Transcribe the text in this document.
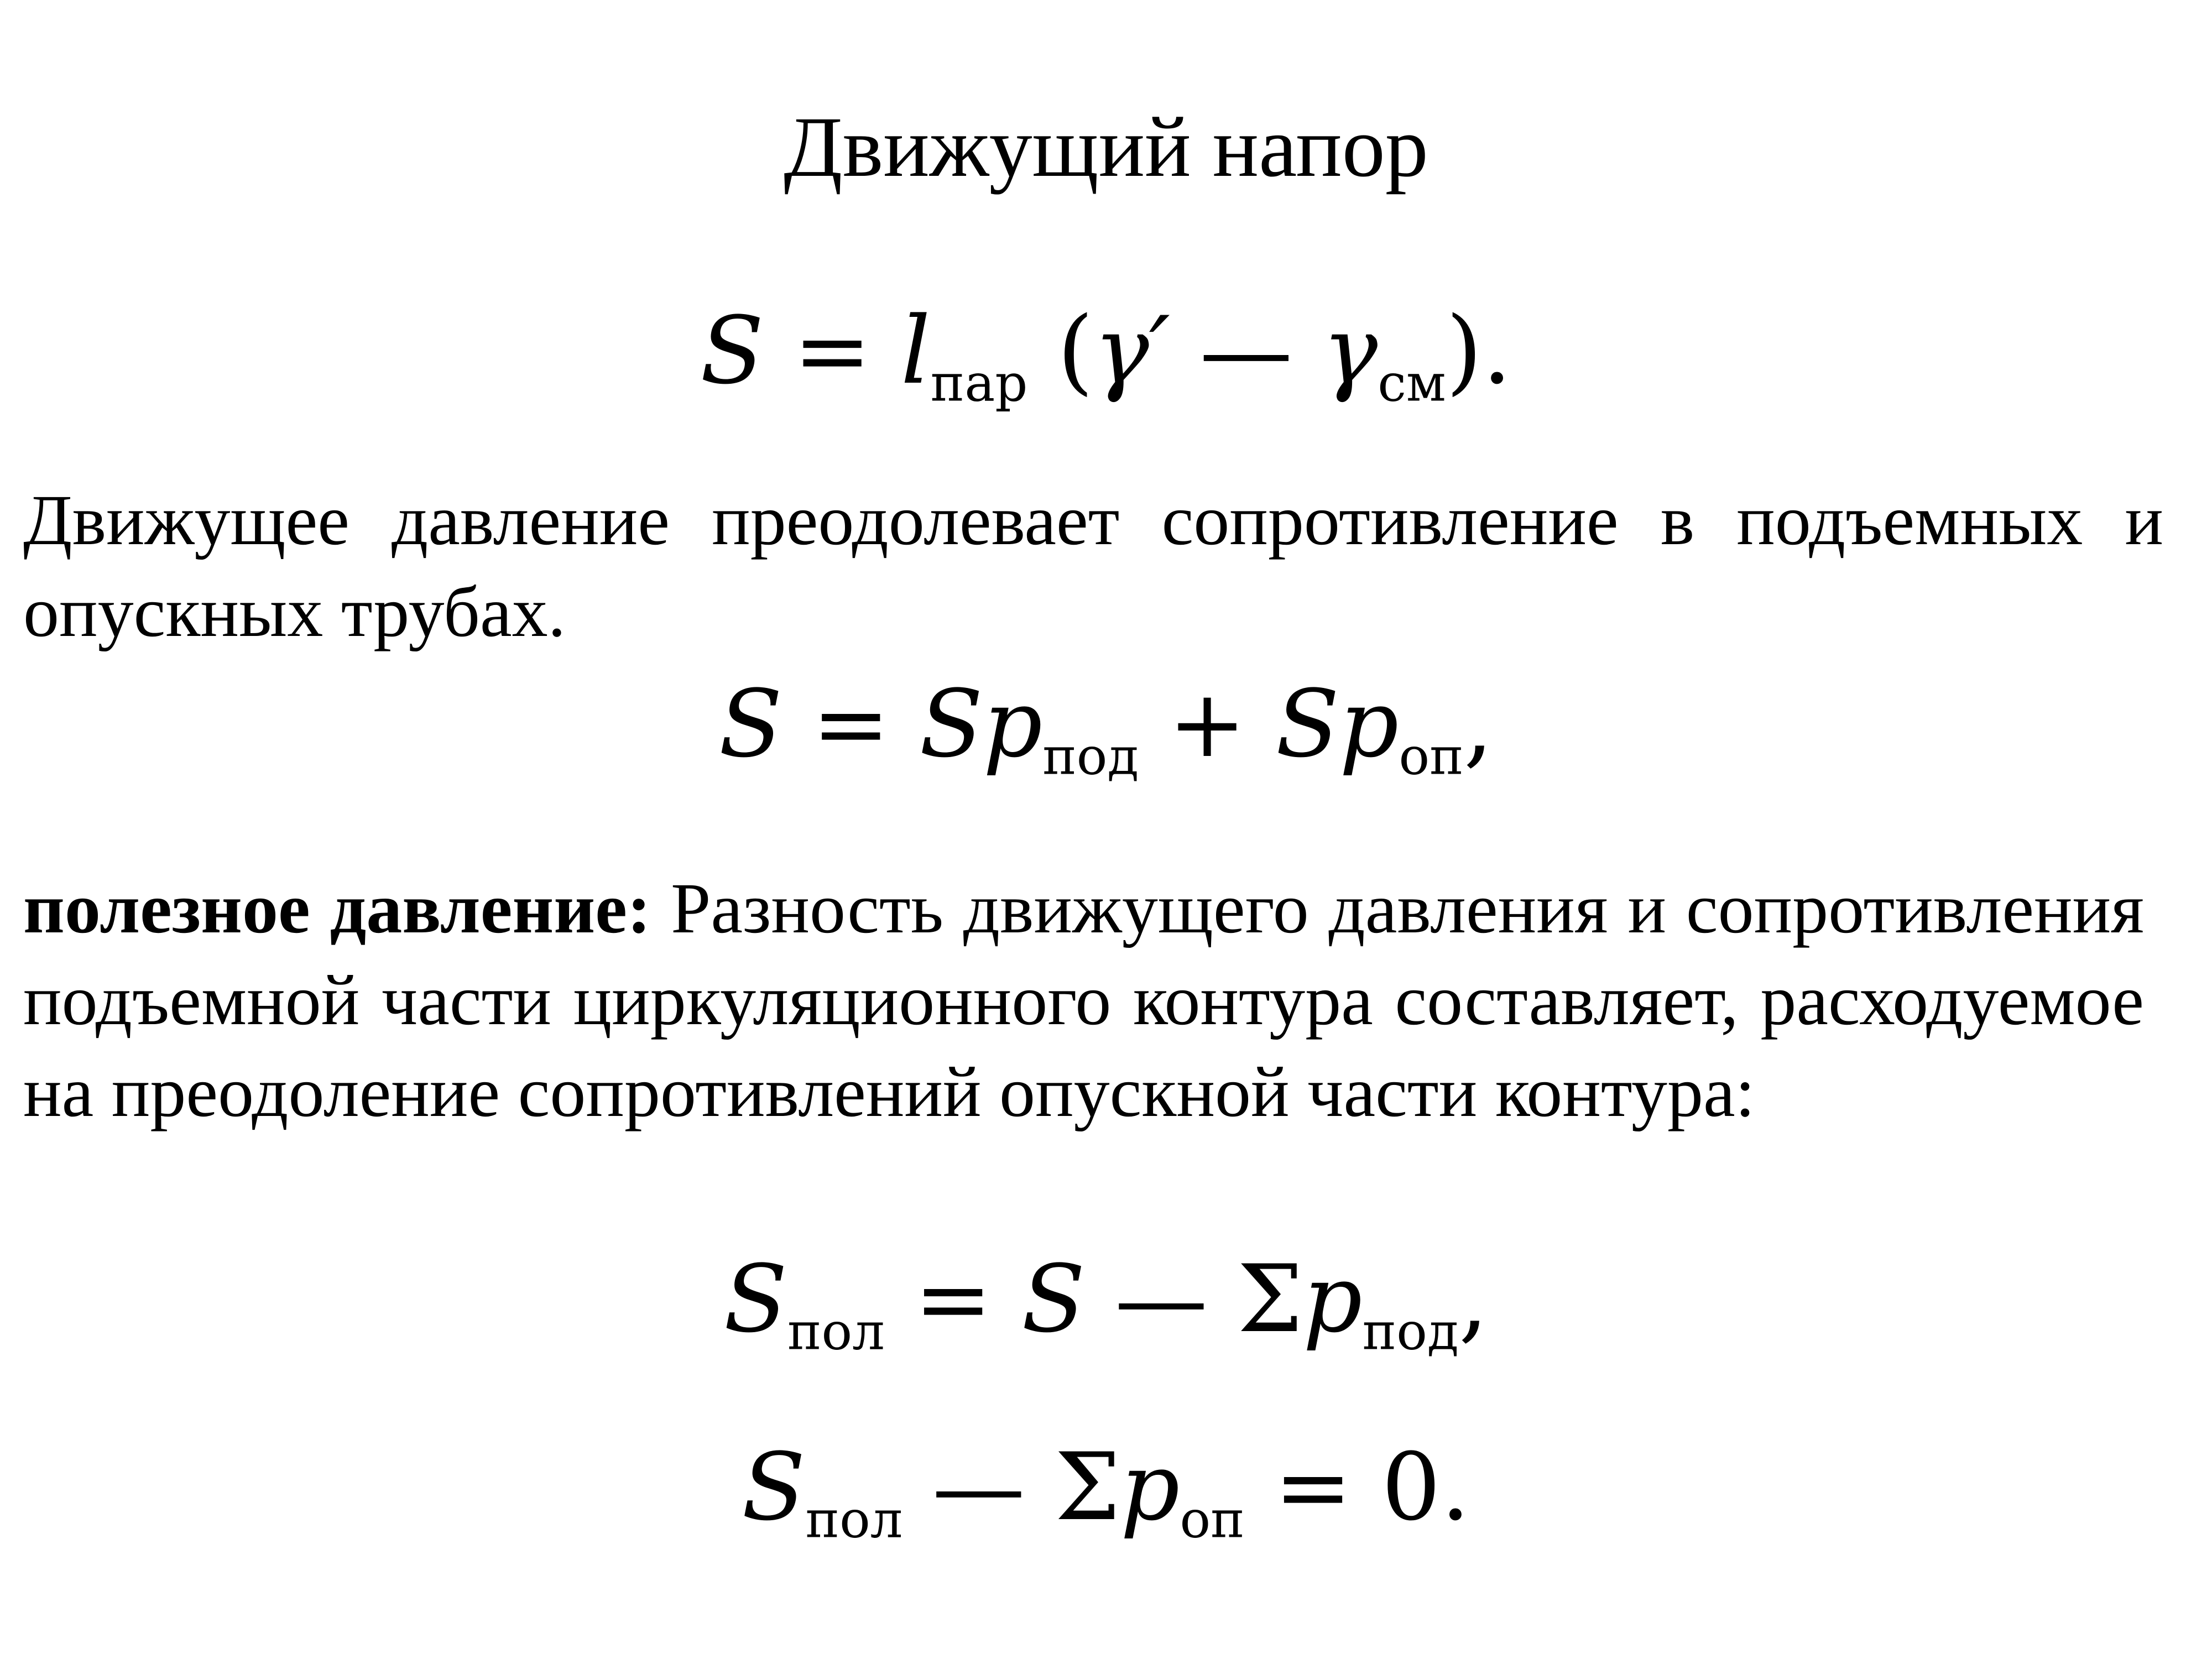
Движущий напор
$S = l_{пар}$ (γ′ — $\gamma_{см}$).

Движущее давление преодолевает сопротивление в подъемных и опускных трубах.

$S = Sp_{под} + Sp_{оп}$,

полезное давление: Разность движущего давления и сопротивления подъемной части циркуляционного контура составляет, расходуемое на преодоление сопротивлений опускной части контура:

$S_{пол} = S$ — $\Sigma p_{под}$,
$S_{пол}$ — $\Sigma p_{оп} = 0$.
